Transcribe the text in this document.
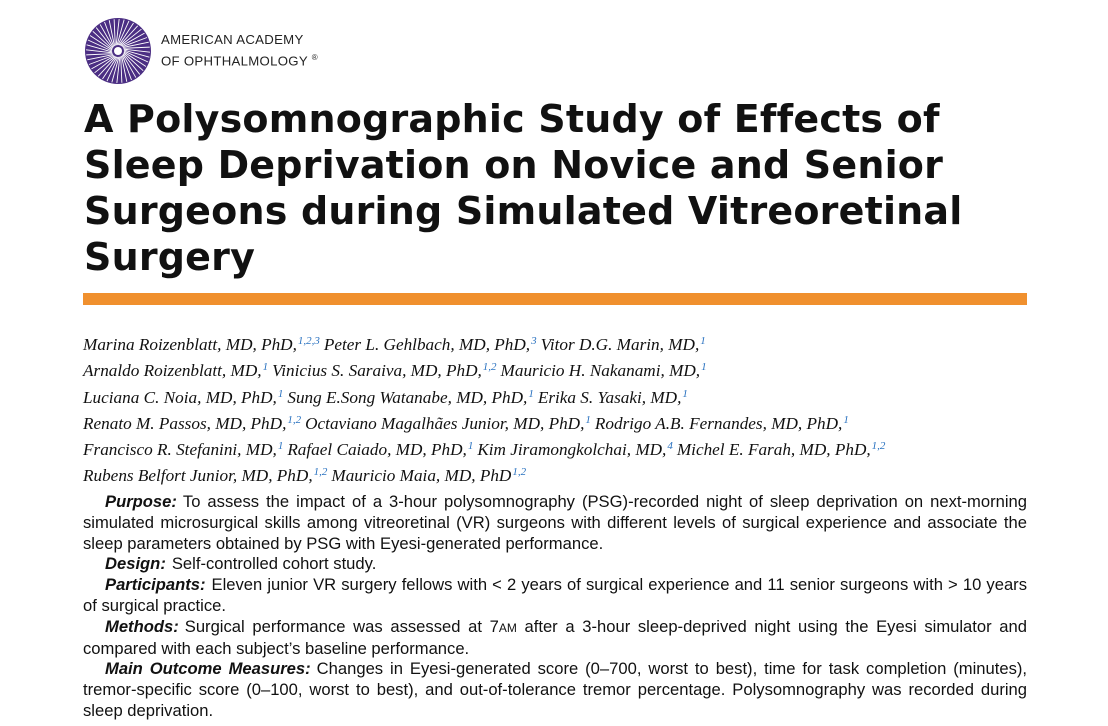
AMERICAN ACADEMY
OF OPHTHALMOLOGY ®
A Polysomnographic Study of Effects of
Sleep Deprivation on Novice and Senior
Surgeons during Simulated Vitreoretinal
Surgery
Marina Roizenblatt, MD, PhD,$^{1,2,3}$ Peter L. Gehlbach, MD, PhD,$^3$ Vitor D.G. Marin, MD,$^1$
Arnaldo Roizenblatt, MD,$^1$ Vinicius S. Saraiva, MD, PhD,$^{1,2}$ Mauricio H. Nakanami, MD,$^1$
Luciana C. Noia, MD, PhD,$^1$ Sung E.Song Watanabe, MD, PhD,$^1$ Erika S. Yasaki, MD,$^1$
Renato M. Passos, MD, PhD,$^{1,2}$ Octaviano Magalhães Junior, MD, PhD,$^1$ Rodrigo A.B. Fernandes, MD, PhD,$^1$
Francisco R. Stefanini, MD,$^1$ Rafael Caiado, MD, PhD,$^1$ Kim Jiramongkolchai, MD,$^4$ Michel E. Farah, MD, PhD,$^{1,2}$
Rubens Belfort Junior, MD, PhD,$^{1,2}$ Mauricio Maia, MD, PhD$^{1,2}$

Purpose: To assess the impact of a 3-hour polysomnography (PSG)-recorded night of sleep deprivation on next-morning simulated microsurgical skills among vitreoretinal (VR) surgeons with different levels of surgical experience and associate the sleep parameters obtained by PSG with Eyesi-generated performance.

Design: Self-controlled cohort study.

Participants: Eleven junior VR surgery fellows with < 2 years of surgical experience and 11 senior surgeons with > 10 years of surgical practice.

Methods: Surgical performance was assessed at 7AM after a 3-hour sleep-deprived night using the Eyesi simulator and compared with each subject’s baseline performance.

Main Outcome Measures: Changes in Eyesi-generated score (0–700, worst to best), time for task completion (minutes), tremor-specific score (0–100, worst to best), and out-of-tolerance tremor percentage. Polysomnography was recorded during sleep deprivation.
